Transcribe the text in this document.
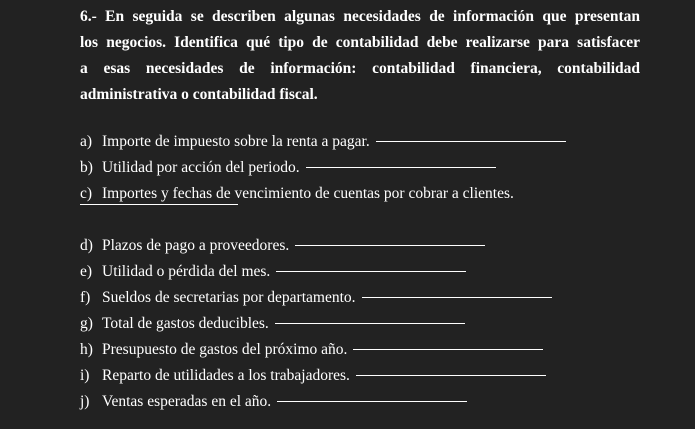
6.- En seguida se describen algunas necesidades de información que presentan
los negocios. Identifica qué tipo de contabilidad debe realizarse para satisfacer
a esas necesidades de información: contabilidad financiera, contabilidad
administrativa o contabilidad fiscal.
a) Importe de impuesto sobre la renta a pagar.
b) Utilidad por acción del periodo.
c) Importes y fechas de vencimiento de cuentas por cobrar a clientes.
d) Plazos de pago a proveedores.
e) Utilidad o pérdida del mes.
f) Sueldos de secretarias por departamento.
g) Total de gastos deducibles.
h) Presupuesto de gastos del próximo año.
i) Reparto de utilidades a los trabajadores.
j) Ventas esperadas en el año.
